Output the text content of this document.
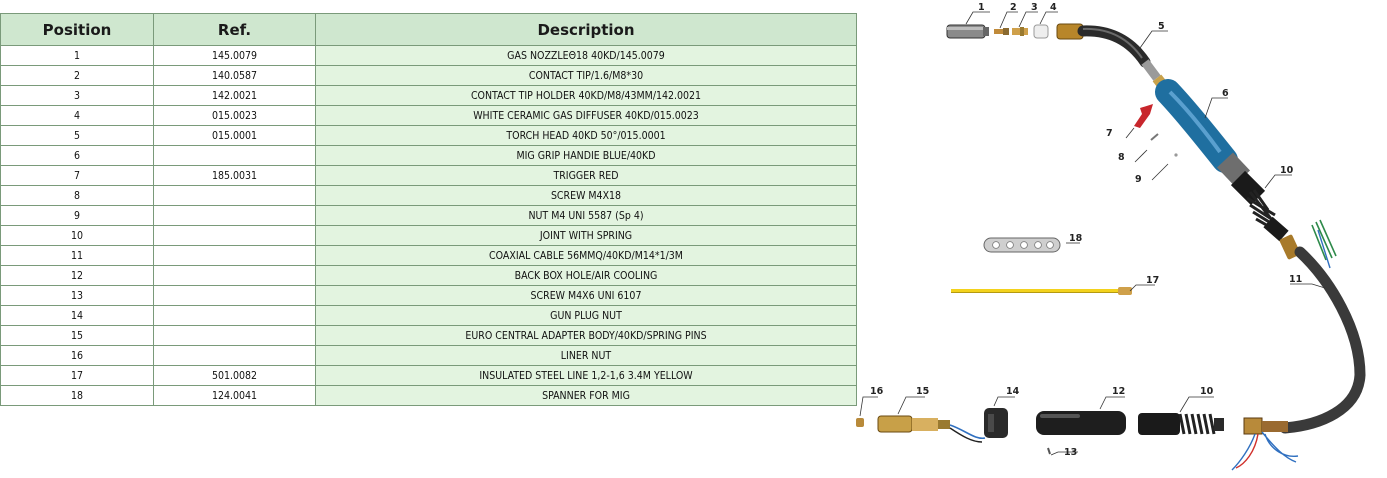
Position	Ref.	Description
1	145.0079	GAS NOZZLEΘ18 40KD/145.0079
2	140.0587	CONTACT TIP/1.6/M8*30
3	142.0021	CONTACT TIP HOLDER 40KD/M8/43MM/142.0021
4	015.0023	WHITE CERAMIC GAS DIFFUSER 40KD/015.0023
5	015.0001	TORCH HEAD 40KD 50°/015.0001
6		MIG GRIP HANDIE BLUE/40KD
7	185.0031	TRIGGER RED
8		SCREW M4X18
9		NUT M4 UNI 5587 (Sp 4)
10		JOINT WITH SPRING
11		COAXIAL CABLE 56MMQ/40KD/M14*1/3M
12		BACK BOX HOLE/AIR COOLING
13		SCREW M4X6 UNI 6107
14		GUN PLUG NUT
15		EURO CENTRAL ADAPTER BODY/40KD/SPRING PINS
16		LINER NUT
17	501.0082	INSULATED STEEL LINE 1,2-1,6 3.4M YELLOW
18	124.0041	SPANNER FOR MIG
1	2 3 4
5
6
7
8
9
10
11
18
17
16	15	14	12
13
10
